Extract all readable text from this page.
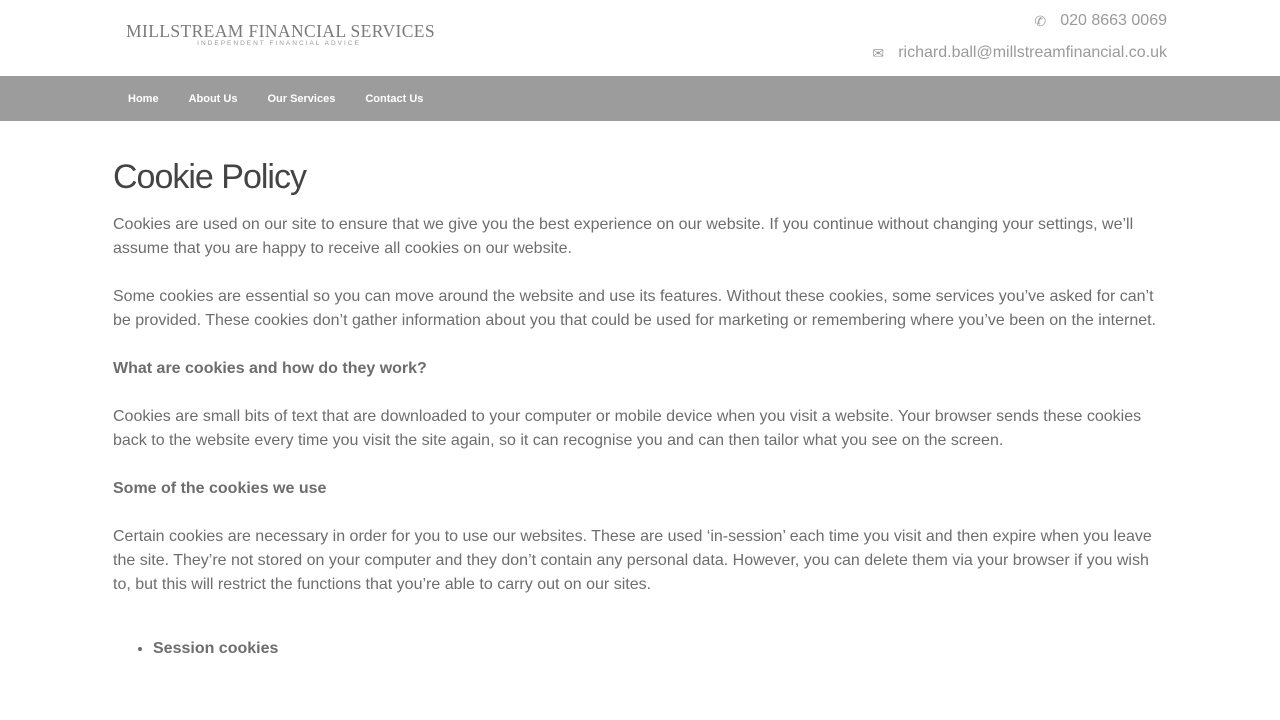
MILLSTREAM FINANCIAL SERVICES
INDEPENDENT FINANCIAL ADVICE
✆ 020 8663 0069
✉ richard.ball@millstreamfinancial.co.uk
Home	About Us	Our Services	Contact Us
Cookie Policy

Cookies are used on our site to ensure that we give you the best experience on our website. If you continue without changing your settings, we’ll assume that you are happy to receive all cookies on our website.

Some cookies are essential so you can move around the website and use its features. Without these cookies, some services you’ve asked for can’t be provided. These cookies don’t gather information about you that could be used for marketing or remembering where you’ve been on the internet.

What are cookies and how do they work?

Cookies are small bits of text that are downloaded to your computer or mobile device when you visit a website. Your browser sends these cookies back to the website every time you visit the site again, so it can recognise you and can then tailor what you see on the screen.

Some of the cookies we use

Certain cookies are necessary in order for you to use our websites. These are used ‘in-session’ each time you visit and then expire when you leave the site. They’re not stored on your computer and they don’t contain any personal data. However, you can delete them via your browser if you wish to, but this will restrict the functions that you’re able to carry out on our sites.

• Session cookies
